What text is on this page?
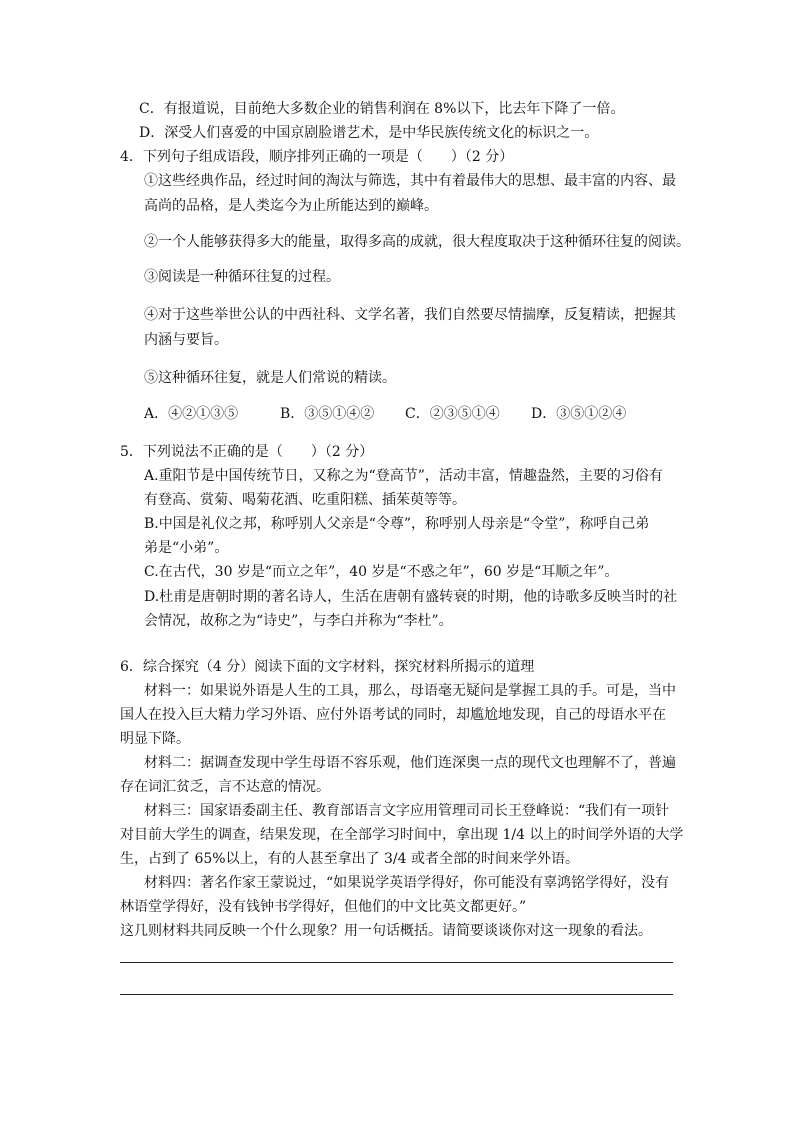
C．有报道说，目前绝大多数企业的销售利润在 8%以下，比去年下降了一倍。
D．深受人们喜爱的中国京剧脸谱艺术，是中华民族传统文化的标识之一。
4．下列句子组成语段，顺序排列正确的一项是（　　）（2 分）
①这些经典作品，经过时间的淘汰与筛选，其中有着最伟大的思想、最丰富的内容、最
高尚的品格，是人类迄今为止所能达到的巅峰。
②一个人能够获得多大的能量，取得多高的成就，很大程度取决于这种循环往复的阅读。
③阅读是一种循环往复的过程。
④对于这些举世公认的中西社科、文学名著，我们自然要尽情揣摩，反复精读，把握其
内涵与要旨。
⑤这种循环往复，就是人们常说的精读。
A．④②①③⑤	B．③⑤①④② C．②③⑤①④ D．③⑤①②④
5．下列说法不正确的是（　　）（2 分）
A.重阳节是中国传统节日，又称之为“登高节”，活动丰富，情趣盎然，主要的习俗有
有登高、赏菊、喝菊花酒、吃重阳糕、插茱萸等等。
B.中国是礼仪之邦，称呼别人父亲是“令尊”，称呼别人母亲是“令堂”，称呼自己弟
弟是“小弟”。
C.在古代，30 岁是“而立之年”，40 岁是“不惑之年”，60 岁是“耳顺之年”。
D.杜甫是唐朝时期的著名诗人，生活在唐朝有盛转衰的时期，他的诗歌多反映当时的社
会情况，故称之为“诗史”，与李白并称为“李杜”。
6．综合探究（4 分）阅读下面的文字材料，探究材料所揭示的道理
材料一：如果说外语是人生的工具，那么，母语毫无疑问是掌握工具的手。可是，当中
国人在投入巨大精力学习外语、应付外语考试的同时，却尴尬地发现，自己的母语水平在
明显下降。
材料二：据调查发现中学生母语不容乐观，他们连深奥一点的现代文也理解不了，普遍
存在词汇贫乏，言不达意的情况。
材料三：国家语委副主任、教育部语言文字应用管理司司长王登峰说：“我们有一项针
对目前大学生的调查，结果发现，在全部学习时间中，拿出现 1/4 以上的时间学外语的大学
生，占到了 65%以上，有的人甚至拿出了 3/4 或者全部的时间来学外语。
材料四：著名作家王蒙说过，“如果说学英语学得好，你可能没有辜鸿铭学得好，没有
林语堂学得好，没有钱钟书学得好，但他们的中文比英文都更好。”
这几则材料共同反映一个什么现象？用一句话概括。请简要谈谈你对这一现象的看法。
